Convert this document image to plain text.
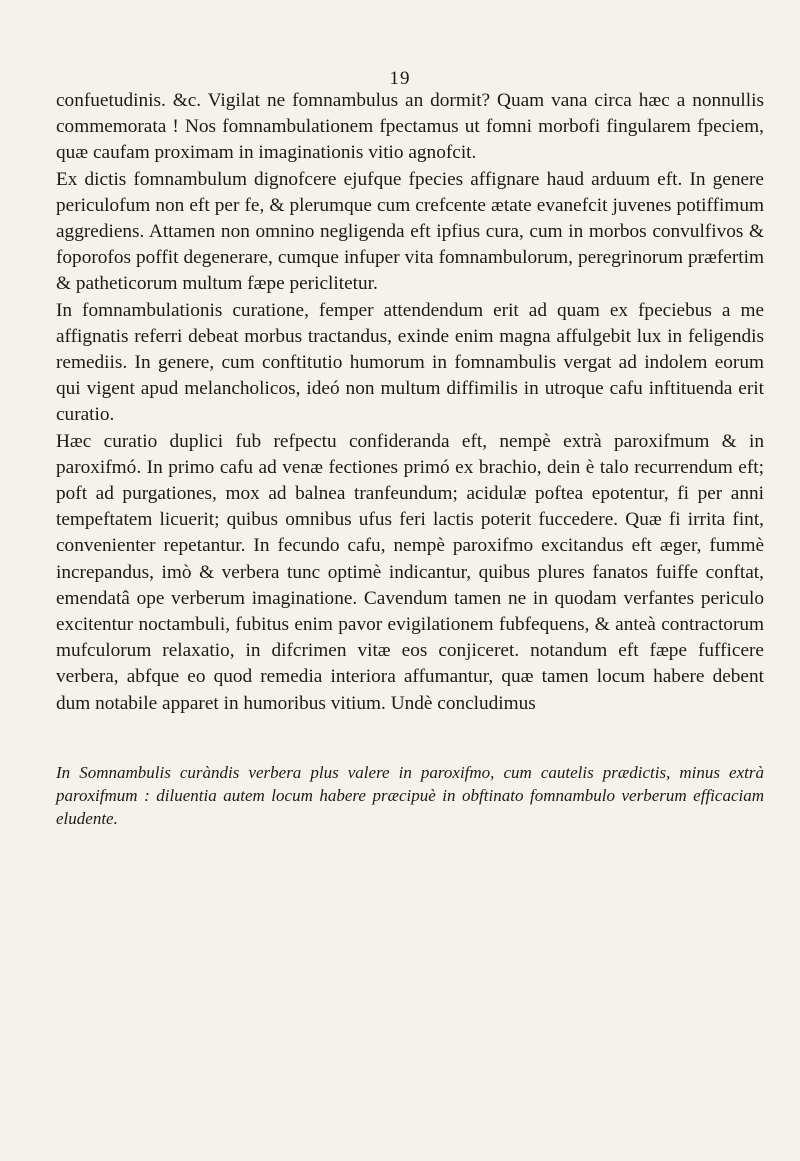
19

confuetudinis. &c. Vigilat ne fomnambulus an dormit? Quam vana circa hæc a nonnullis commemorata ! Nos fomnambulationem fpectamus ut fomni morbofi fingularem fpeciem, quæ caufam proximam in imaginationis vitio agnofcit.

Ex dictis fomnambulum dignofcere ejufque fpecies affignare haud arduum eft. In genere periculofum non eft per fe, & plerumque cum crefcente ætate evanefcit juvenes potiffimum aggrediens. Attamen non omnino negligenda eft ipfius cura, cum in morbos convulfivos & foporofos poffit degenerare, cumque infuper vita fomnambulorum, peregrinorum præfertim & patheticorum multum fæpe periclitetur.

In fomnambulationis curatione, femper attendendum erit ad quam ex fpeciebus a me affignatis referri debeat morbus tractandus, exinde enim magna affulgebit lux in feligendis remediis. In genere, cum conftitutio humorum in fomnambulis vergat ad indolem eorum qui vigent apud melancholicos, ideó non multum diffimilis in utroque cafu inftituenda erit curatio.

Hæc curatio duplici fub refpectu confideranda eft, nempè extrà paroxifmum & in paroxifmó. In primo cafu ad venæ fectiones primó ex brachio, dein è talo recurrendum eft; poft ad purgationes, mox ad balnea tranfeundum; acidulæ poftea epotentur, fi per anni tempeftatem licuerit; quibus omnibus ufus feri lactis poterit fuccedere. Quæ fi irrita fint, convenienter repetantur. In fecundo cafu, nempè paroxifmo excitandus eft æger, fummè increpandus, imò & verbera tunc optimè indicantur, quibus plures fanatos fuiffe conftat, emendatâ ope verberum imaginatione. Cavendum tamen ne in quodam verfantes periculo excitentur noctambuli, fubitus enim pavor evigilationem fubfequens, & anteà contractorum mufculorum relaxatio, in difcrimen vitæ eos conjiceret. notandum eft fæpe fufficere verbera, abfque eo quod remedia interiora affumantur, quæ tamen locum habere debent dum notabile apparet in humoribus vitium. Undè concludimus

In Somnambulis curàndis verbera plus valere in paroxifmo, cum cautelis prædictis, minus extrà paroxifmum : diluentia autem locum habere præcipuè in obftinato fomnambulo verberum efficaciam eludente.
